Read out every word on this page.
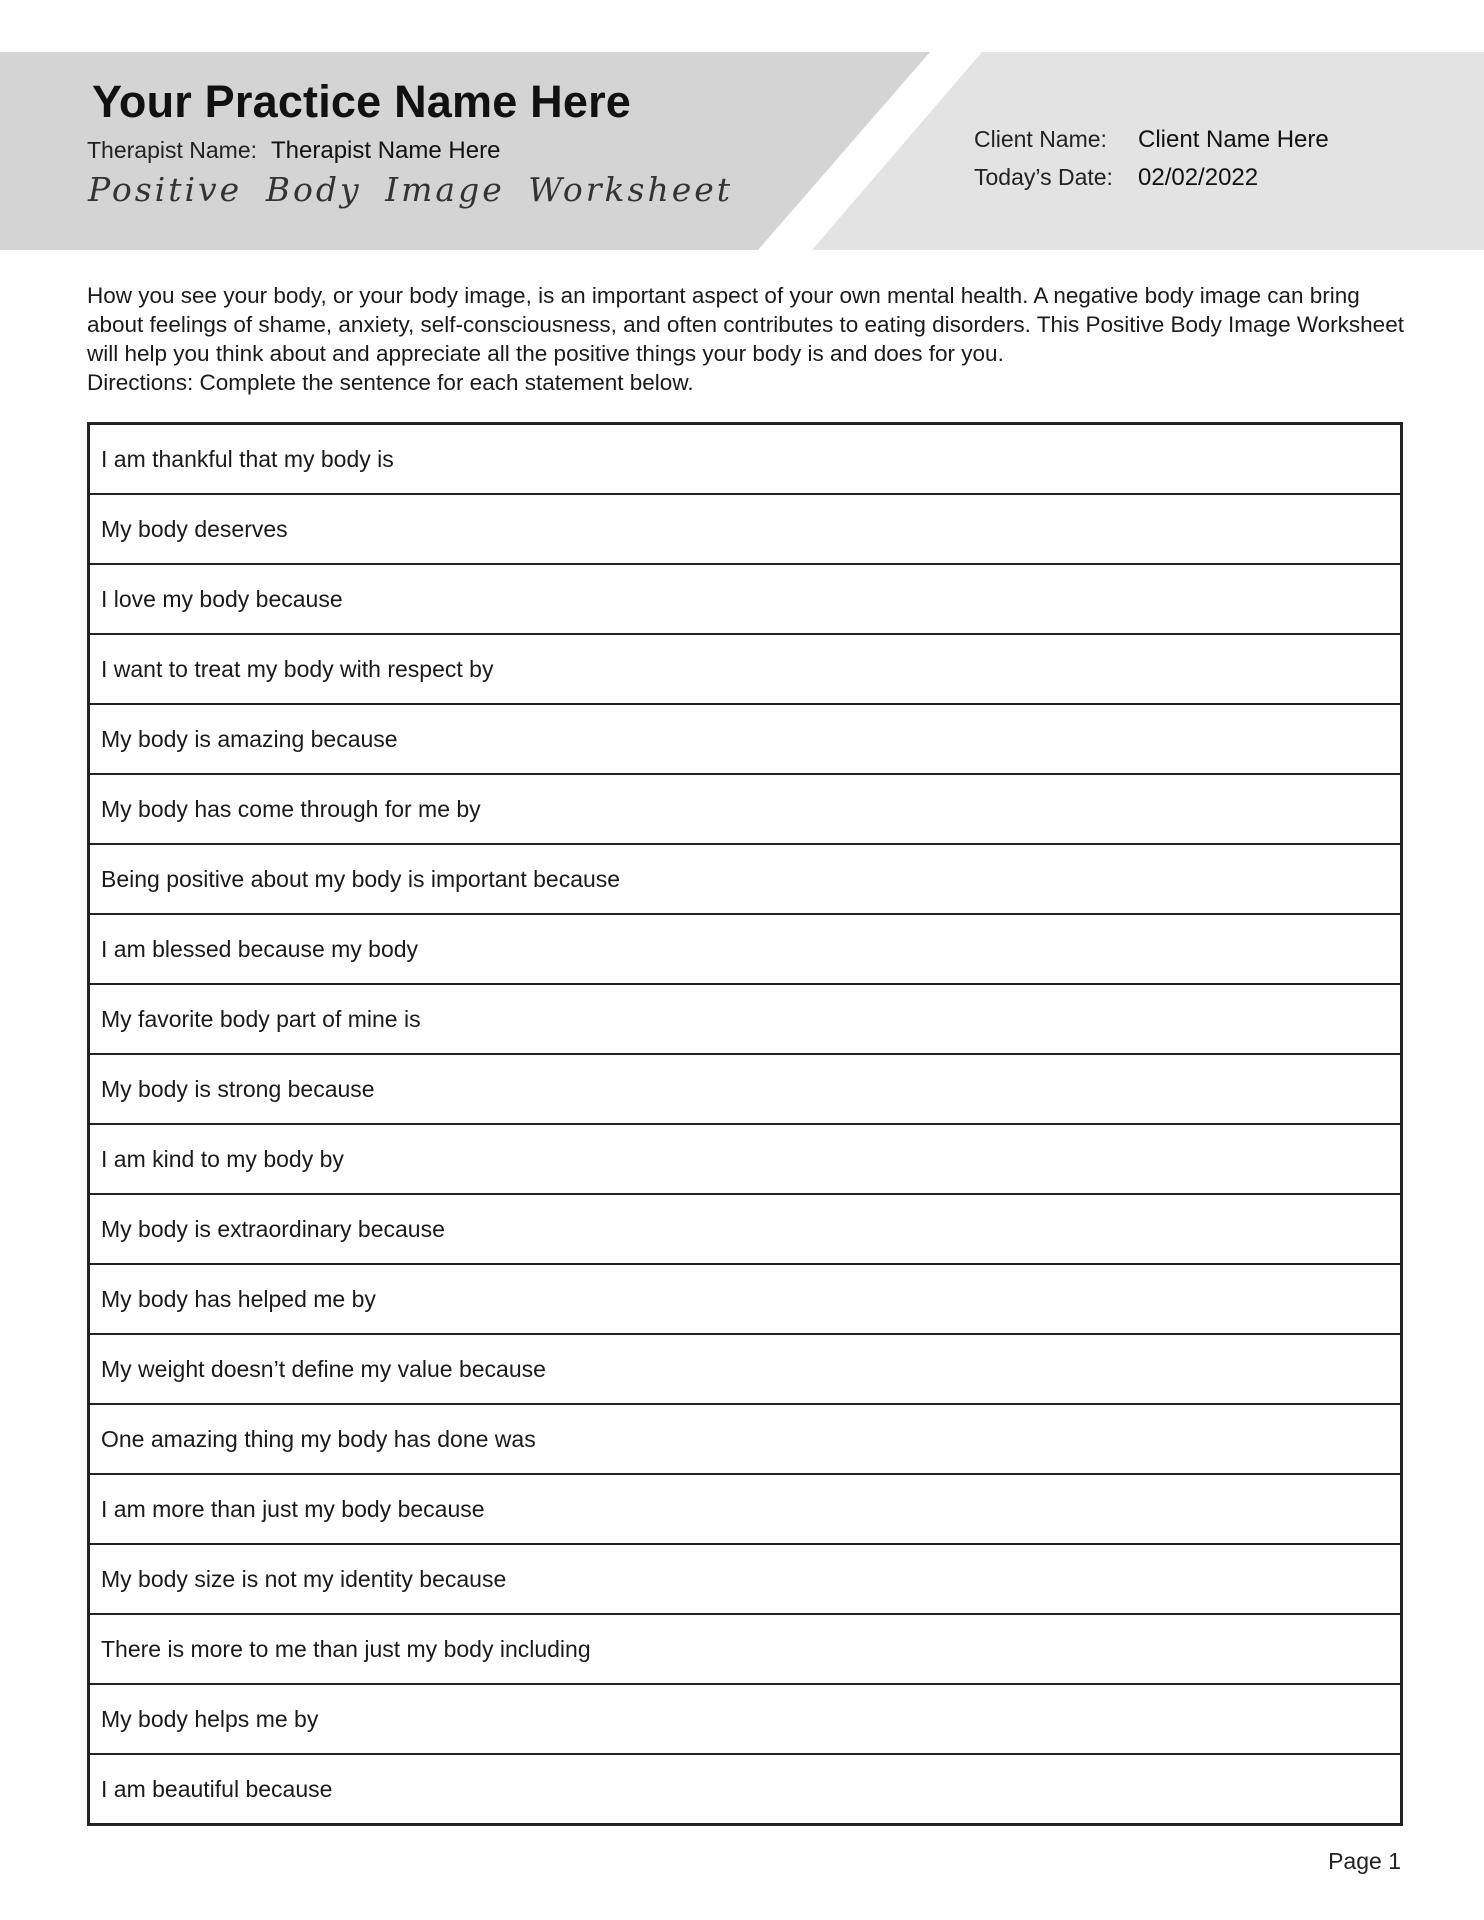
Your Practice Name Here
Therapist Name: Therapist Name Here
Positive Body Image Worksheet
Client Name: Client Name Here
Today’s Date: 02/02/2022

How you see your body, or your body image, is an important aspect of your own mental health. A negative body image can bring about feelings of shame, anxiety, self-consciousness, and often contributes to eating disorders. This Positive Body Image Worksheet will help you think about and appreciate all the positive things your body is and does for you.

Directions: Complete the sentence for each statement below.

I am thankful that my body is
My body deserves
I love my body because
I want to treat my body with respect by
My body is amazing because
My body has come through for me by
Being positive about my body is important because
I am blessed because my body
My favorite body part of mine is
My body is strong because
I am kind to my body by
My body is extraordinary because
My body has helped me by
My weight doesn’t define my value because
One amazing thing my body has done was
I am more than just my body because
My body size is not my identity because
There is more to me than just my body including
My body helps me by
I am beautiful because
Page 1
